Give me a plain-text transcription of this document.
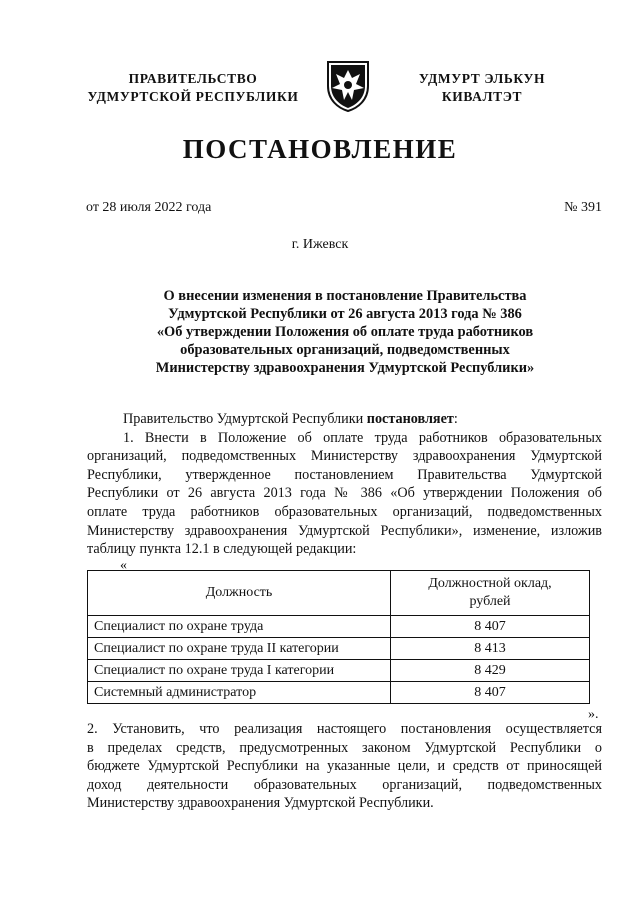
ПРАВИТЕЛЬСТВО
УДМУРТСКОЙ РЕСПУБЛИКИ
УДМУРТ ЭЛЬКУН
КИВАЛТЭТ
ПОСТАНОВЛЕНИЕ
от 28 июля 2022 года	№ 391
г. Ижевск
О внесении изменения в постановление Правительства
Удмуртской Республики от 26 августа 2013 года № 386
«Об утверждении Положения об оплате труда работников
образовательных организаций, подведомственных
Министерству здравоохранения Удмуртской Республики»
Правительство Удмуртской Республики постановляет:
1. Внести в Положение об оплате труда работников образовательных
организаций, подведомственных Министерству здравоохранения Удмуртской
Республики, утвержденное постановлением Правительства Удмуртской
Республики от 26 августа 2013 года № 386 «Об утверждении Положения об
оплате труда работников образовательных организаций, подведомственных
Министерству здравоохранения Удмуртской Республики», изменение, изложив
таблицу пункта 12.1 в следующей редакции:
«
Должность	Должностной оклад,
рублей

Специалист по охране труда	8 407
Специалист по охране труда II категории	8 413
Специалист по охране труда I категории	8 429
Системный администратор	8 407
».
2. Установить, что реализация настоящего постановления осуществляется
в пределах средств, предусмотренных законом Удмуртской Республики о
бюджете Удмуртской Республики на указанные цели, и средств от приносящей
доход деятельности образовательных организаций, подведомственных
Министерству здравоохранения Удмуртской Республики.
